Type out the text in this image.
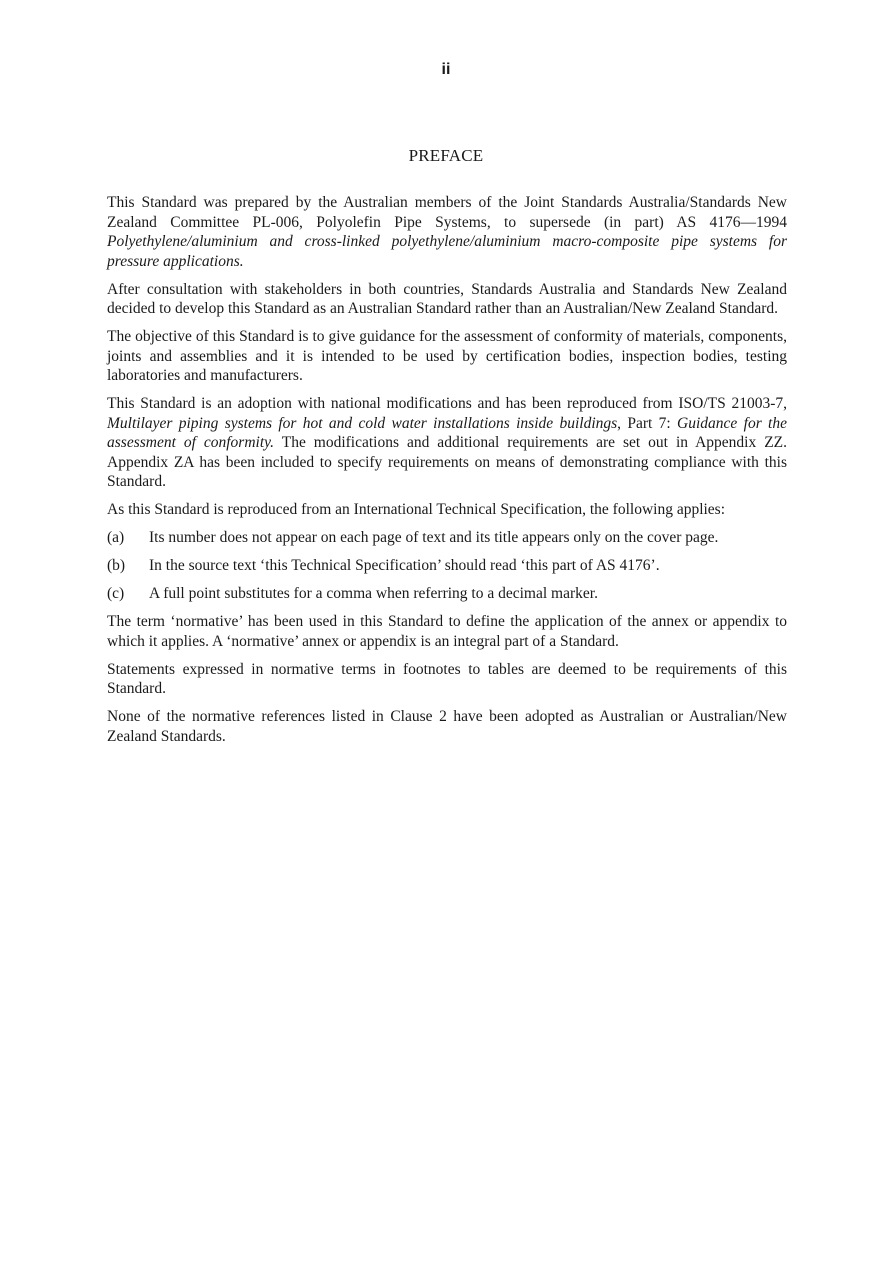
ii
PREFACE

This Standard was prepared by the Australian members of the Joint Standards Australia/Standards New Zealand Committee PL-006, Polyolefin Pipe Systems, to supersede (in part) AS 4176—1994 Polyethylene/aluminium and cross-linked polyethylene/aluminium macro-composite pipe systems for pressure applications.

After consultation with stakeholders in both countries, Standards Australia and Standards New Zealand decided to develop this Standard as an Australian Standard rather than an Australian/New Zealand Standard.

The objective of this Standard is to give guidance for the assessment of conformity of materials, components, joints and assemblies and it is intended to be used by certification bodies, inspection bodies, testing laboratories and manufacturers.

This Standard is an adoption with national modifications and has been reproduced from ISO/TS 21003-7, Multilayer piping systems for hot and cold water installations inside buildings, Part 7: Guidance for the assessment of conformity. The modifications and additional requirements are set out in Appendix ZZ. Appendix ZA has been included to specify requirements on means of demonstrating compliance with this Standard.

As this Standard is reproduced from an International Technical Specification, the following applies:

(a)	Its number does not appear on each page of text and its title appears only on the cover page.
(b)	In the source text ‘this Technical Specification’ should read ‘this part of AS 4176’.
(c)	A full point substitutes for a comma when referring to a decimal marker.

The term ‘normative’ has been used in this Standard to define the application of the annex or appendix to which it applies. A ‘normative’ annex or appendix is an integral part of a Standard.

Statements expressed in normative terms in footnotes to tables are deemed to be requirements of this Standard.

None of the normative references listed in Clause 2 have been adopted as Australian or Australian/New Zealand Standards.
